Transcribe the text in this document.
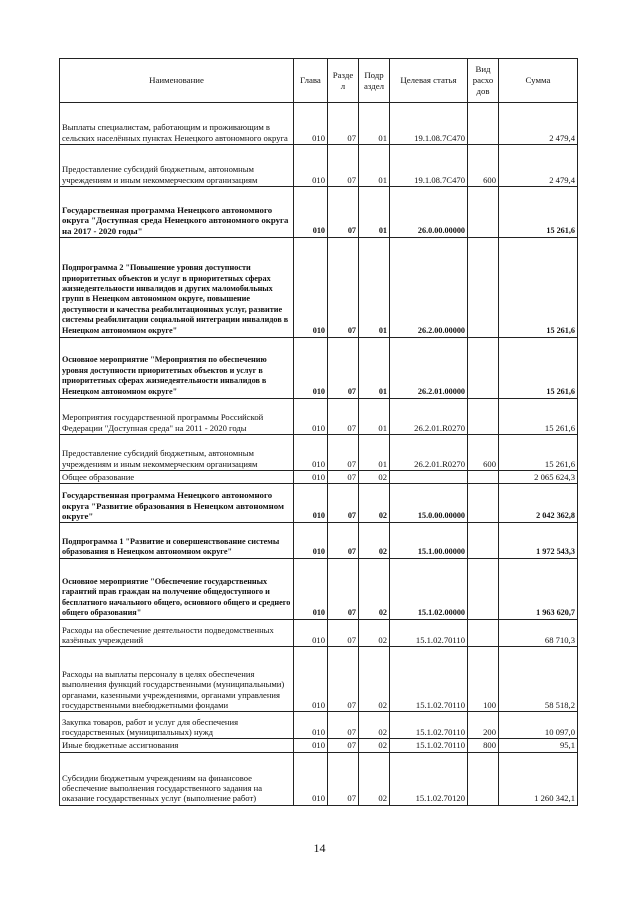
Наименование	Глава	Разде л	Подр аздел	Целевая статья	Вид расхо дов	Сумма
Выплаты специалистам, работающим и проживающим в сельских населённых пунктах Ненецкого автономного округа	010	07	01	19.1.08.7С470		2 479,4
Предоставление субсидий бюджетным, автономным учреждениям и иным некоммерческим организациям	010	07	01	19.1.08.7С470	600	2 479,4
Государственная программа Ненецкого автономного округа "Доступная среда Ненецкого автономного округа на 2017 - 2020 годы"	010	07	01	26.0.00.00000		15 261,6
Подпрограмма 2 "Повышение уровня доступности приоритетных объектов и услуг в приоритетных сферах жизнедеятельности инвалидов и других маломобильных групп в Ненецком автономном округе, повышение доступности и качества реабилитационных услуг, развитие системы реабилитации социальной интеграции инвалидов в Ненецком автономном округе"	010	07	01	26.2.00.00000		15 261,6
Основное мероприятие "Мероприятия по обеспечению уровня доступности приоритетных объектов и услуг в приоритетных сферах жизнедеятельности инвалидов в Ненецком автономном округе"	010	07	01	26.2.01.00000		15 261,6
Мероприятия государственной программы Российской Федерации "Доступная среда" на 2011 - 2020 годы	010	07	01	26.2.01.R0270		15 261,6
Предоставление субсидий бюджетным, автономным учреждениям и иным некоммерческим организациям	010	07	01	26.2.01.R0270	600	15 261,6
Общее образование	010	07	02			2 065 624,3
Государственная программа Ненецкого автономного округа "Развитие образования в Ненецком автономном округе"	010	07	02	15.0.00.00000		2 042 362,8
Подпрограмма 1 "Развитие и совершенствование системы образования в Ненецком автономном округе"	010	07	02	15.1.00.00000		1 972 543,3
Основное мероприятие "Обеспечение государственных гарантий прав граждан на получение общедоступного и бесплатного начального общего, основного общего и среднего общего образования"	010	07	02	15.1.02.00000		1 963 620,7
Расходы на обеспечение деятельности подведомственных казённых учреждений	010	07	02	15.1.02.70110		68 710,3
Расходы на выплаты персоналу в целях обеспечения выполнения функций государственными (муниципальными) органами, казенными учреждениями, органами управления государственными внебюджетными фондами	010	07	02	15.1.02.70110	100	58 518,2
Закупка товаров, работ и услуг для обеспечения государственных (муниципальных) нужд	010	07	02	15.1.02.70110	200	10 097,0
Иные бюджетные ассигнования	010	07	02	15.1.02.70110	800	95,1
Субсидии бюджетным учреждениям на финансовое обеспечение выполнения государственного задания на оказание государственных услуг (выполнение работ)	010	07	02	15.1.02.70120		1 260 342,1
14
